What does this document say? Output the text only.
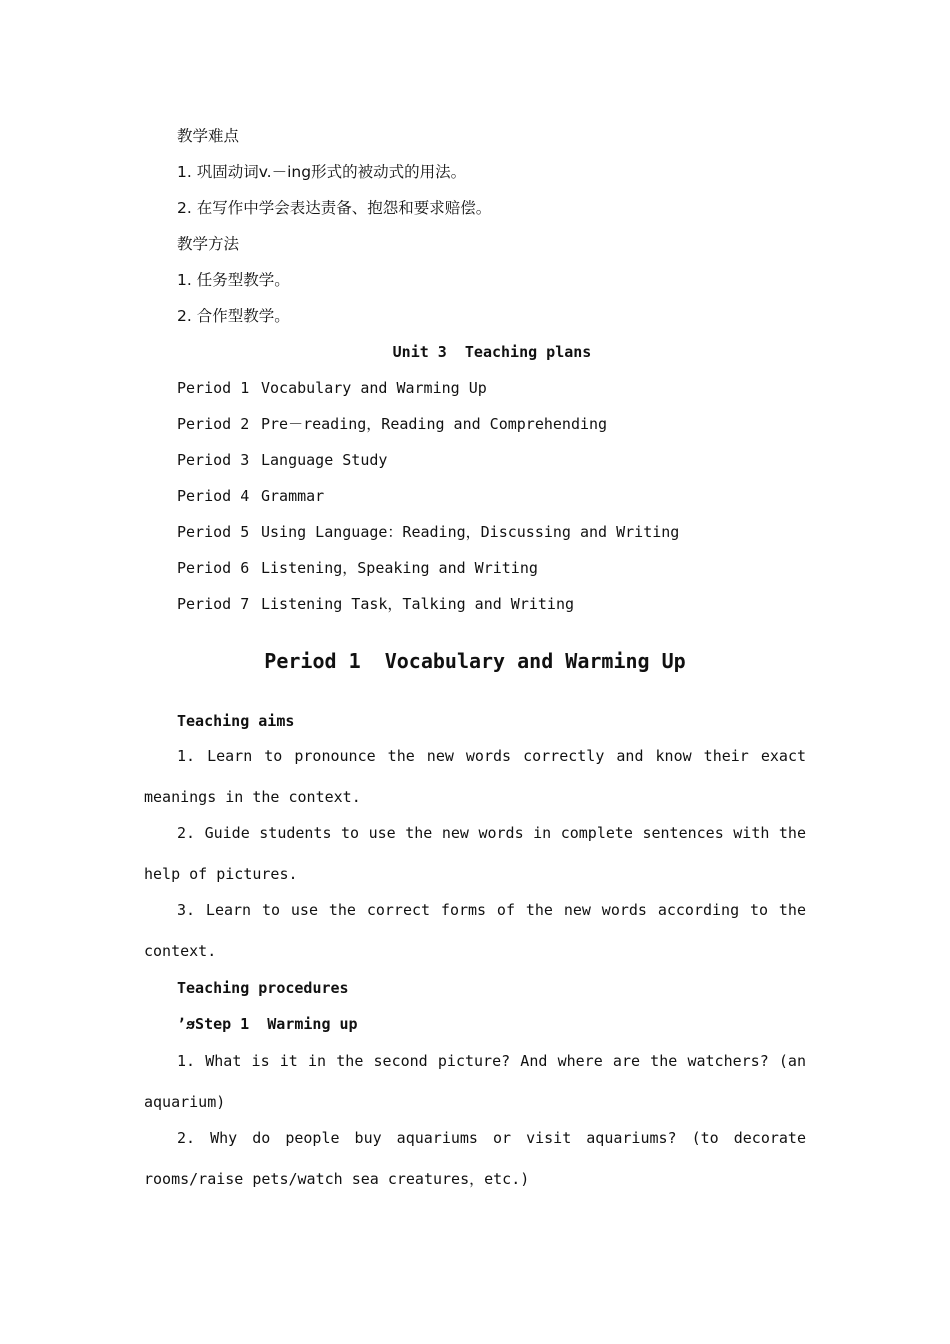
教学难点
1. 巩固动词v.－ing形式的被动式的用法。
2. 在写作中学会表达责备、抱怨和要求赔偿。
教学方法
1. 任务型教学。
2. 合作型教学。
Unit 3  Teaching plans
Period 1 Vocabulary and Warming Up
Period 2 Pre－reading，Reading and Comprehending
Period 3 Language Study
Period 4 Grammar
Period 5 Using Language：Reading，Discussing and Writing
Period 6 Listening，Speaking and Writing
Period 7 Listening Task，Talking and Writing
Period 1  Vocabulary and Warming Up
Teaching aims
1. Learn to pronounce the new words correctly and know their exact meanings in the context.
2. Guide students to use the new words in complete sentences with the help of pictures.
3. Learn to use the correct forms of the new words according to the context.
Teaching procedures
ʼϧStep 1  Warming up
1. What is it in the second picture? And where are the watchers? (an aquarium)
2. Why do people buy aquariums or visit aquariums? (to decorate rooms/raise pets/watch sea creatures，etc.)
